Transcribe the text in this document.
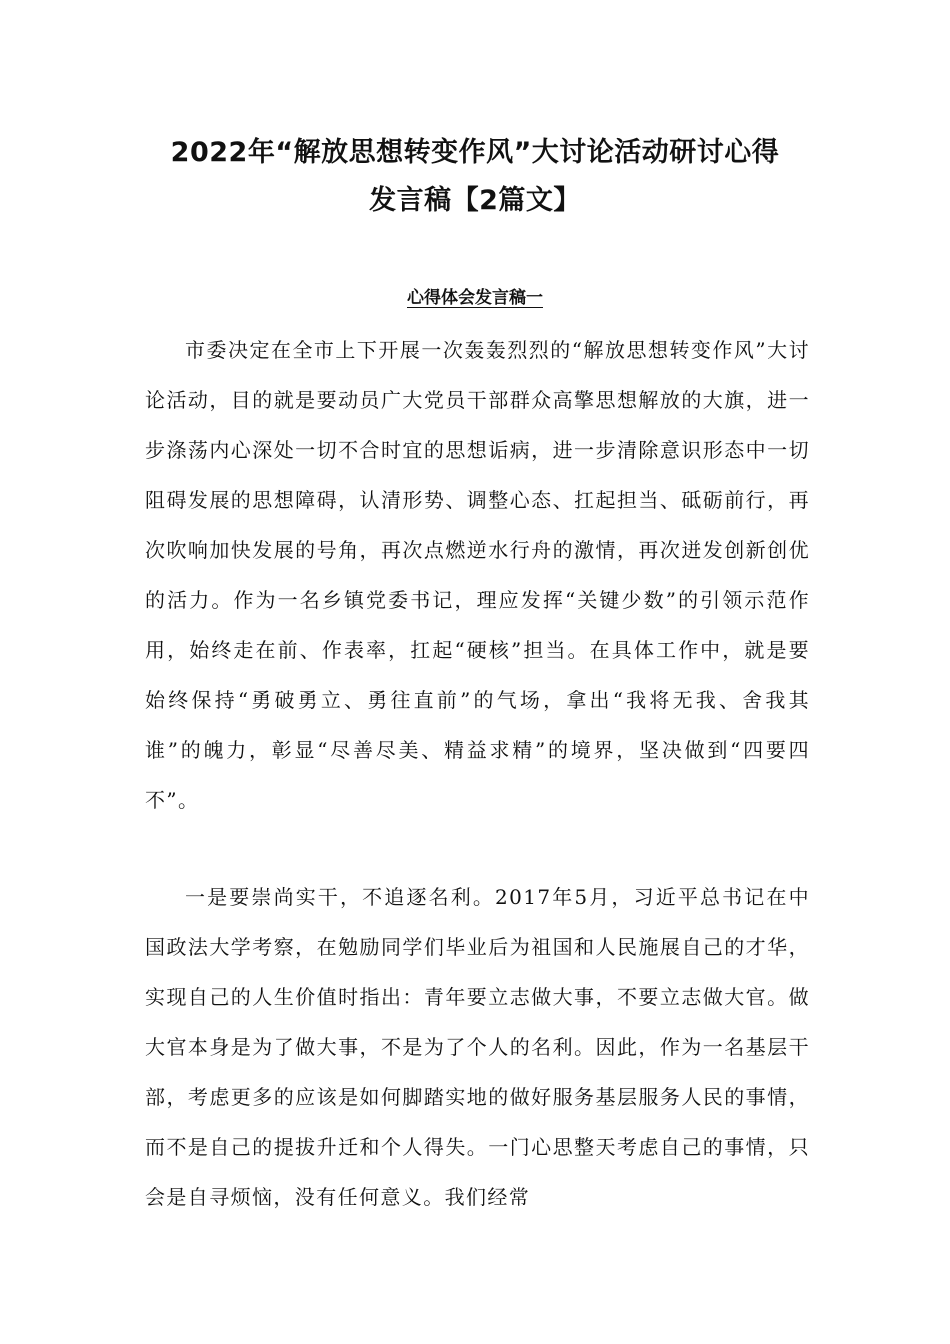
2022年“解放思想转变作风”大讨论活动研讨心得
发言稿【2篇文】
心得体会发言稿一

市委决定在全市上下开展一次轰轰烈烈的“解放思想转变作风”大讨论活动，目的就是要动员广大党员干部群众高擎思想解放的大旗，进一步涤荡内心深处一切不合时宜的思想诟病，进一步清除意识形态中一切阻碍发展的思想障碍，认清形势、调整心态、扛起担当、砥砺前行，再次吹响加快发展的号角，再次点燃逆水行舟的激情，再次迸发创新创优的活力。作为一名乡镇党委书记，理应发挥“关键少数”的引领示范作用，始终走在前、作表率，扛起“硬核”担当。在具体工作中，就是要始终保持“勇破勇立、勇往直前”的气场，拿出“我将无我、舍我其谁”的魄力，彰显“尽善尽美、精益求精”的境界，坚决做到“四要四不”。

一是要崇尚实干，不追逐名利。2017年5月，习近平总书记在中国政法大学考察，在勉励同学们毕业后为祖国和人民施展自己的才华，实现自己的人生价值时指出：青年要立志做大事，不要立志做大官。做大官本身是为了做大事，不是为了个人的名利。因此，作为一名基层干部，考虑更多的应该是如何脚踏实地的做好服务基层服务人民的事情，而不是自己的提拔升迁和个人得失。一门心思整天考虑自己的事情，只会是自寻烦恼，没有任何意义。我们经常
